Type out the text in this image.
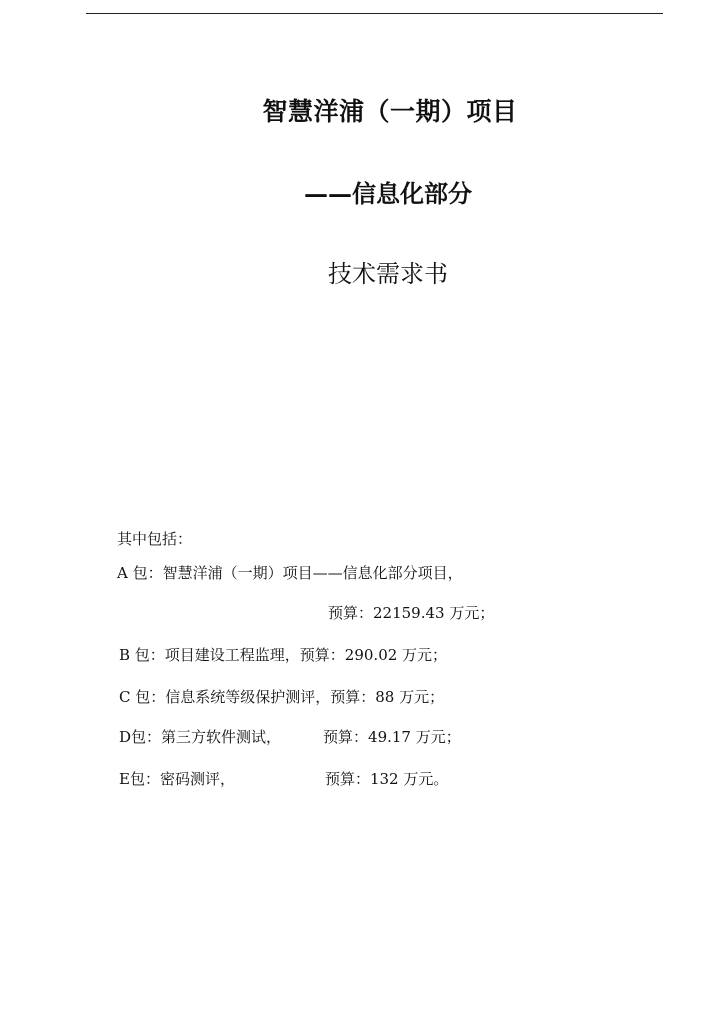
智慧洋浦（一期）项目
——信息化部分
技术需求书
其中包括：
A 包：智慧洋浦（一期）项目——信息化部分项目，
预算：22159.43 万元；
B 包：项目建设工程监理，预算：290.02 万元；
C 包：信息系统等级保护测评，预算：88 万元；
D包：第三方软件测试，	预算：49.17 万元；
E包：密码测评，	预算：132 万元。
